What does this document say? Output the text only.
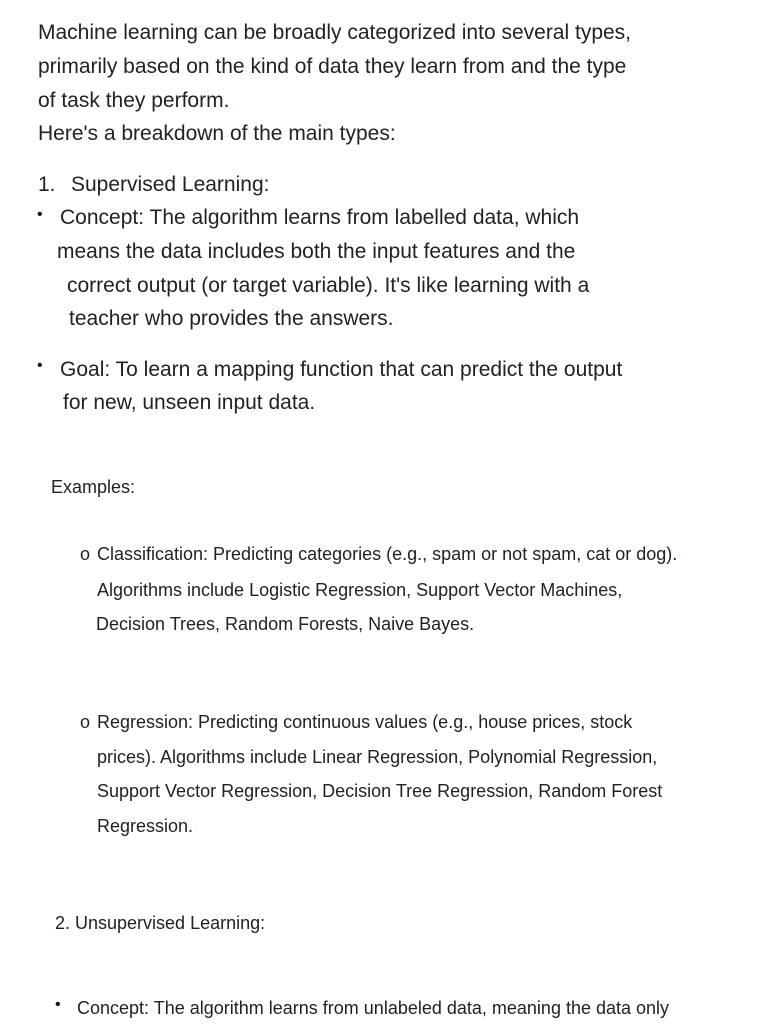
Machine learning can be broadly categorized into several types,
primarily based on the kind of data they learn from and the type
of task they perform.◦
Here's a breakdown of the main types:
1. Supervised Learning:
• Concept: The algorithm learns from labelled data, which
means the data includes both the input features and the
correct output (or target variable). It's like learning with a
teacher who provides the answers.◦
• Goal: To learn a mapping function that can predict the output
for new, unseen input data.◦
Examples:
o Classification: Predicting categories (e.g., spam or not spam, cat or dog).◦
Algorithms include Logistic Regression, Support Vector Machines,
Decision Trees, Random Forests, Naive Bayes.
o Regression: Predicting continuous values (e.g., house prices, stock
prices). Algorithms include Linear Regression, Polynomial Regression,
Support Vector Regression, Decision Tree Regression, Random Forest
Regression.◦
2. Unsupervised Learning:
• Concept: The algorithm learns from unlabeled data, meaning the data only
